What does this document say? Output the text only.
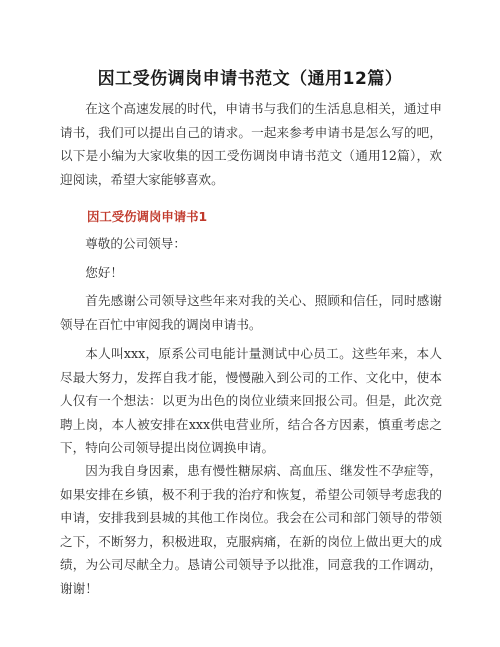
因工受伤调岗申请书范文（通用12篇）

在这个高速发展的时代，申请书与我们的生活息息相关，通过申请书，我们可以提出自己的请求。一起来参考申请书是怎么写的吧，以下是小编为大家收集的因工受伤调岗申请书范文（通用12篇），欢迎阅读，希望大家能够喜欢。

因工受伤调岗申请书1

尊敬的公司领导：

您好！

首先感谢公司领导这些年来对我的关心、照顾和信任，同时感谢领导在百忙中审阅我的调岗申请书。

本人叫xxx，原系公司电能计量测试中心员工。这些年来，本人尽最大努力，发挥自我才能，慢慢融入到公司的工作、文化中，使本人仅有一个想法：以更为出色的岗位业绩来回报公司。但是，此次竞聘上岗，本人被安排在xxx供电营业所，结合各方因素，慎重考虑之下，特向公司领导提出岗位调换申请。

因为我自身因素，患有慢性糖尿病、高血压、继发性不孕症等，如果安排在乡镇，极不利于我的治疗和恢复，希望公司领导考虑我的申请，安排我到县城的其他工作岗位。我会在公司和部门领导的带领之下，不断努力，积极进取，克服病痛，在新的岗位上做出更大的成绩，为公司尽献全力。恳请公司领导予以批准，同意我的工作调动，谢谢！
